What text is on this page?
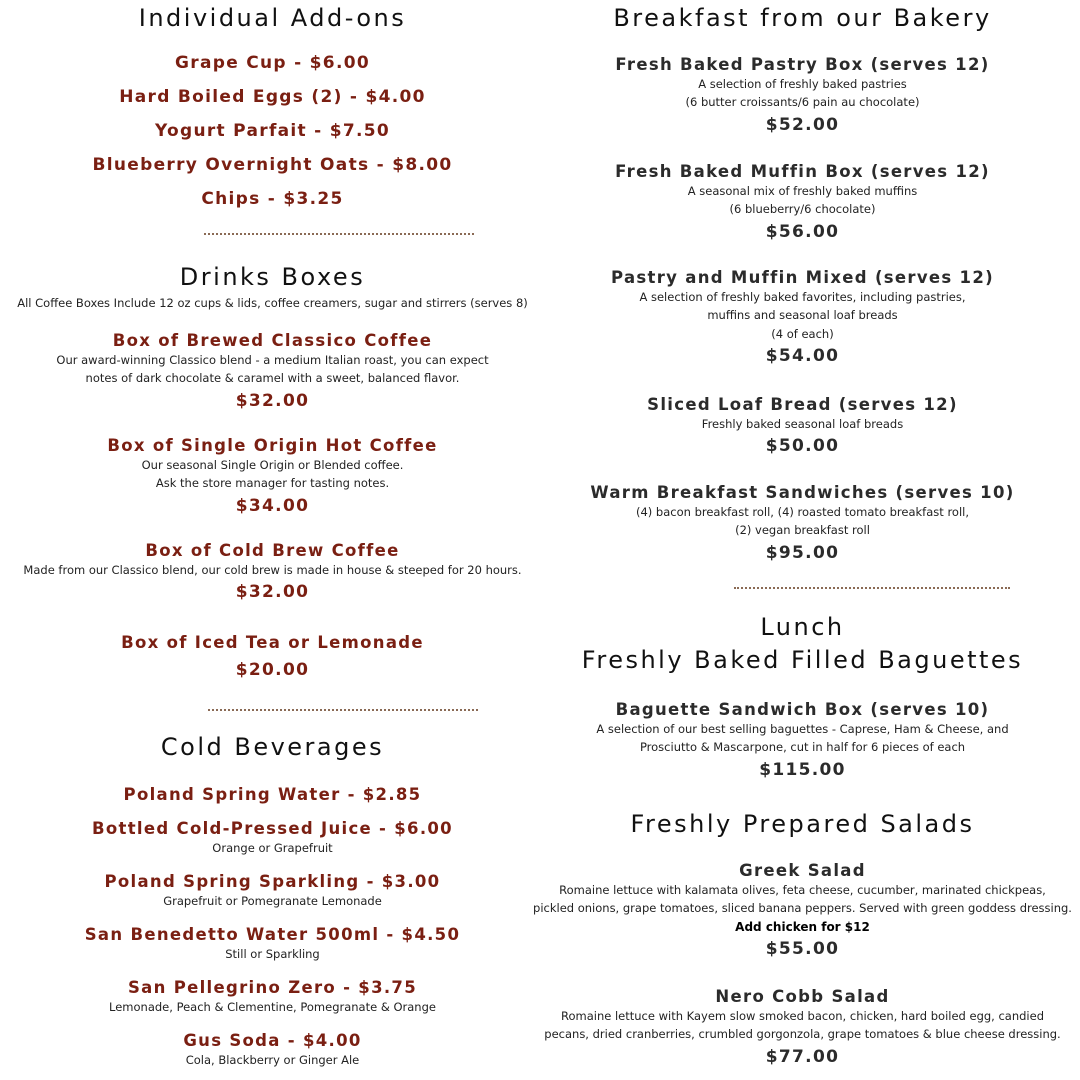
Individual Add-ons

Grape Cup - $6.00

Hard Boiled Eggs (2) - $4.00

Yogurt Parfait - $7.50

Blueberry Overnight Oats - $8.00

Chips - $3.25

Drinks Boxes

All Coffee Boxes Include 12 oz cups & lids, coffee creamers, sugar and stirrers (serves 8)

Box of Brewed Classico Coffee

Our award-winning Classico blend - a medium Italian roast, you can expect

notes of dark chocolate & caramel with a sweet, balanced flavor.

$32.00

Box of Single Origin Hot Coffee

Our seasonal Single Origin or Blended coffee.

Ask the store manager for tasting notes.

$34.00

Box of Cold Brew Coffee

Made from our Classico blend, our cold brew is made in house & steeped for 20 hours.

$32.00

Box of Iced Tea or Lemonade

$20.00

Cold Beverages

Poland Spring Water - $2.85

Bottled Cold-Pressed Juice - $6.00

Orange or Grapefruit

Poland Spring Sparkling - $3.00

Grapefruit or Pomegranate Lemonade

San Benedetto Water 500ml - $4.50

Still or Sparkling

San Pellegrino Zero - $3.75

Lemonade, Peach & Clementine, Pomegranate & Orange

Gus Soda - $4.00

Cola, Blackberry or Ginger Ale

Breakfast from our Bakery

Fresh Baked Pastry Box (serves 12)

A selection of freshly baked pastries

(6 butter croissants/6 pain au chocolate)

$52.00

Fresh Baked Muffin Box (serves 12)

A seasonal mix of freshly baked muffins

(6 blueberry/6 chocolate)

$56.00

Pastry and Muffin Mixed (serves 12)

A selection of freshly baked favorites, including pastries,

muffins and seasonal loaf breads

(4 of each)

$54.00

Sliced Loaf Bread (serves 12)

Freshly baked seasonal loaf breads

$50.00

Warm Breakfast Sandwiches (serves 10)

(4) bacon breakfast roll, (4) roasted tomato breakfast roll,

(2) vegan breakfast roll

$95.00

Lunch
Freshly Baked Filled Baguettes

Baguette Sandwich Box (serves 10)

A selection of our best selling baguettes - Caprese, Ham & Cheese, and

Prosciutto & Mascarpone, cut in half for 6 pieces of each

$115.00

Freshly Prepared Salads

Greek Salad

Romaine lettuce with kalamata olives, feta cheese, cucumber, marinated chickpeas,

pickled onions, grape tomatoes, sliced banana peppers. Served with green goddess dressing.

Add chicken for $12

$55.00

Nero Cobb Salad

Romaine lettuce with Kayem slow smoked bacon, chicken, hard boiled egg, candied

pecans, dried cranberries, crumbled gorgonzola, grape tomatoes & blue cheese dressing.

$77.00
